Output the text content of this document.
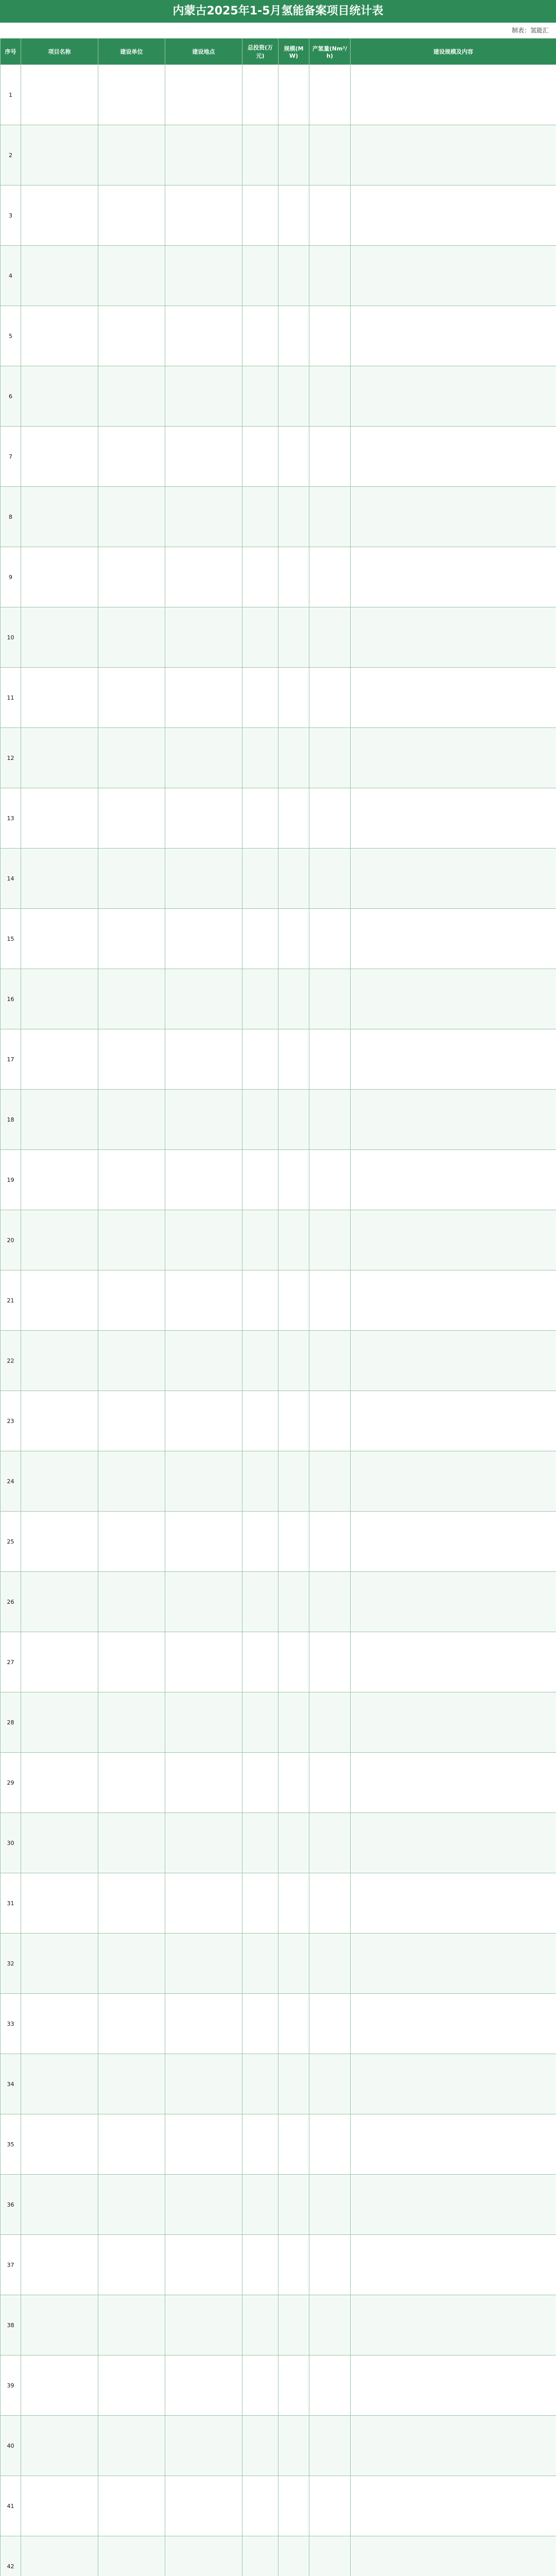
内蒙古2025年1-5月氢能备案项目统计表
制表：氢能汇
序号	项目名称	建设单位	建设地点	总投资(万元)	规模(MW)	产氢量(Nm³/h)	建设规模及内容
1							
2							
3							
4							
5							
6							
7							
8							
9							
10							
11							
12							
13							
14							
15							
16							
17							
18							
19							
20							
21							
22							
23							
24							
25							
26							
27							
28							
29							
30							
31							
32							
33							
34							
35							
36							
37							
38							
39							
40							
41							
42							
